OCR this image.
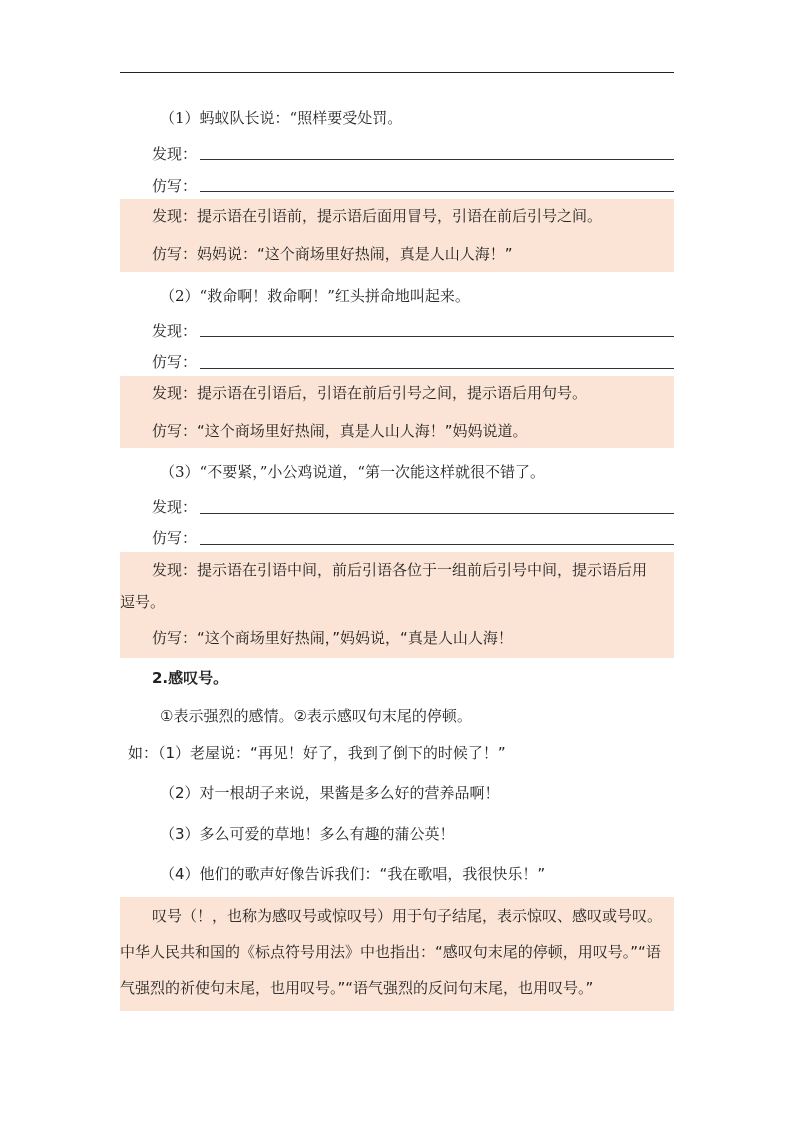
（1）蚂蚁队长说：“照样要受处罚。
发现：
仿写：
发现：提示语在引语前，提示语后面用冒号，引语在前后引号之间。
仿写：妈妈说：“这个商场里好热闹，真是人山人海！”
（2）“救命啊！救命啊！”红头拼命地叫起来。
发现：
仿写：
发现：提示语在引语后，引语在前后引号之间，提示语后用句号。
仿写：“这个商场里好热闹，真是人山人海！”妈妈说道。
（3）“不要紧，”小公鸡说道，“第一次能这样就很不错了。
发现：
仿写：
发现：提示语在引语中间，前后引语各位于一组前后引号中间，提示语后用
逗号。
仿写：“这个商场里好热闹，”妈妈说，“真是人山人海！
2.感叹号。
①表示强烈的感情。②表示感叹句末尾的停顿。
如：（1）老屋说：“再见！好了，我到了倒下的时候了！”
（2）对一根胡子来说，果酱是多么好的营养品啊！
（3）多么可爱的草地！多么有趣的蒲公英！
（4）他们的歌声好像告诉我们：“我在歌唱，我很快乐！”
叹号（！，也称为感叹号或惊叹号）用于句子结尾，表示惊叹、感叹或号叹。
中华人民共和国的《标点符号用法》中也指出：“感叹句末尾的停顿，用叹号。”“语
气强烈的祈使句末尾，也用叹号。”“语气强烈的反问句末尾，也用叹号。”
